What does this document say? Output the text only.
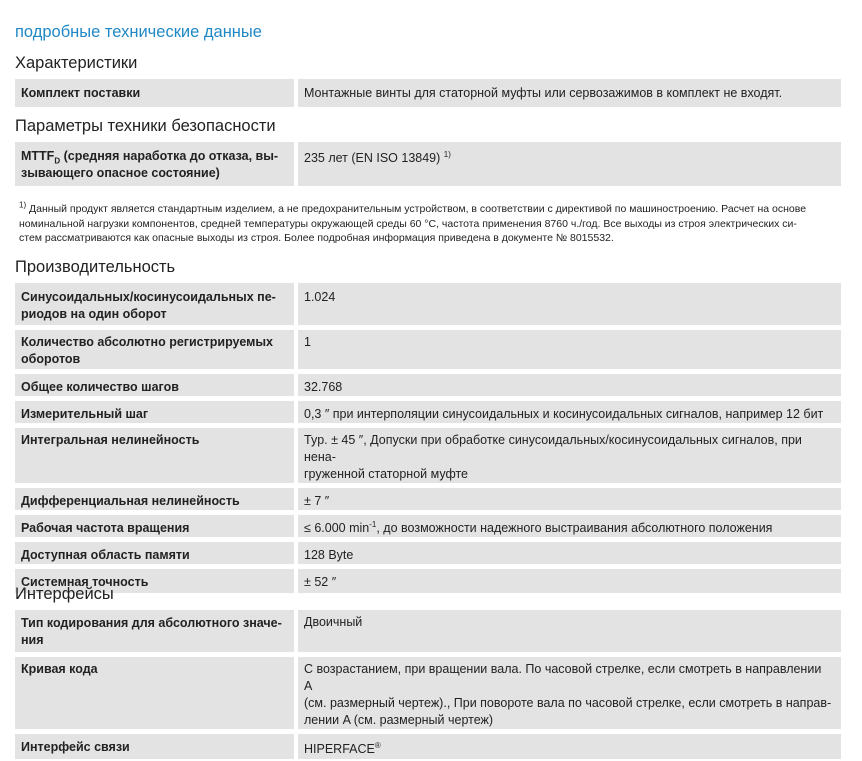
подробные технические данные
Характеристики
Комплект поставки	Монтажные винты для статорной муфты или сервозажимов в комплект не входят.
Параметры техники безопасности
$MTTF_D$ (средняя наработка до отказа, вы-
зывающего опасное состояние)	235 лет (EN ISO 13849) $^{1)}$
$^{1)}$ Данный продукт является стандартным изделием, а не предохранительным устройством, в соответствии с директивой по машиностроению. Расчет на основе
номинальной нагрузки компонентов, средней температуры окружающей среды 60 °C, частота применения 8760 ч./год. Все выходы из строя электрических си-
стем рассматриваются как опасные выходы из строя. Более подробная информация приведена в документе № 8015532.
Производительность
Синусоидальных/косинусоидальных пе-
риодов на один оборот	1.024
Количество абсолютно регистрируемых
оборотов	1
Общее количество шагов	32.768
Измерительный шаг	0,3 ″ при интерполяции синусоидальных и косинусоидальных сигналов, например 12 бит
Интегральная нелинейность	Typ. ± 45 ″, Допуски при обработке синусоидальных/косинусоидальных сигналов, при нена-
груженной статорной муфте
Дифференциальная нелинейность	± 7 ″
Рабочая частота вращения	≤ 6.000 $\min^{-1}$, до возможности надежного выстраивания абсолютного положения
Доступная область памяти	128 Byte
Системная точность	± 52 ″
Интерфейсы
Тип кодирования для абсолютного значе-
ния	Двоичный
Кривая кода	С возрастанием, при вращении вала. По часовой стрелке, если смотреть в направлении A
(см. размерный чертеж)., При повороте вала по часовой стрелке, если смотреть в направ-
лении A (см. размерный чертеж)
Интерфейс связи	HIPERFACE®
